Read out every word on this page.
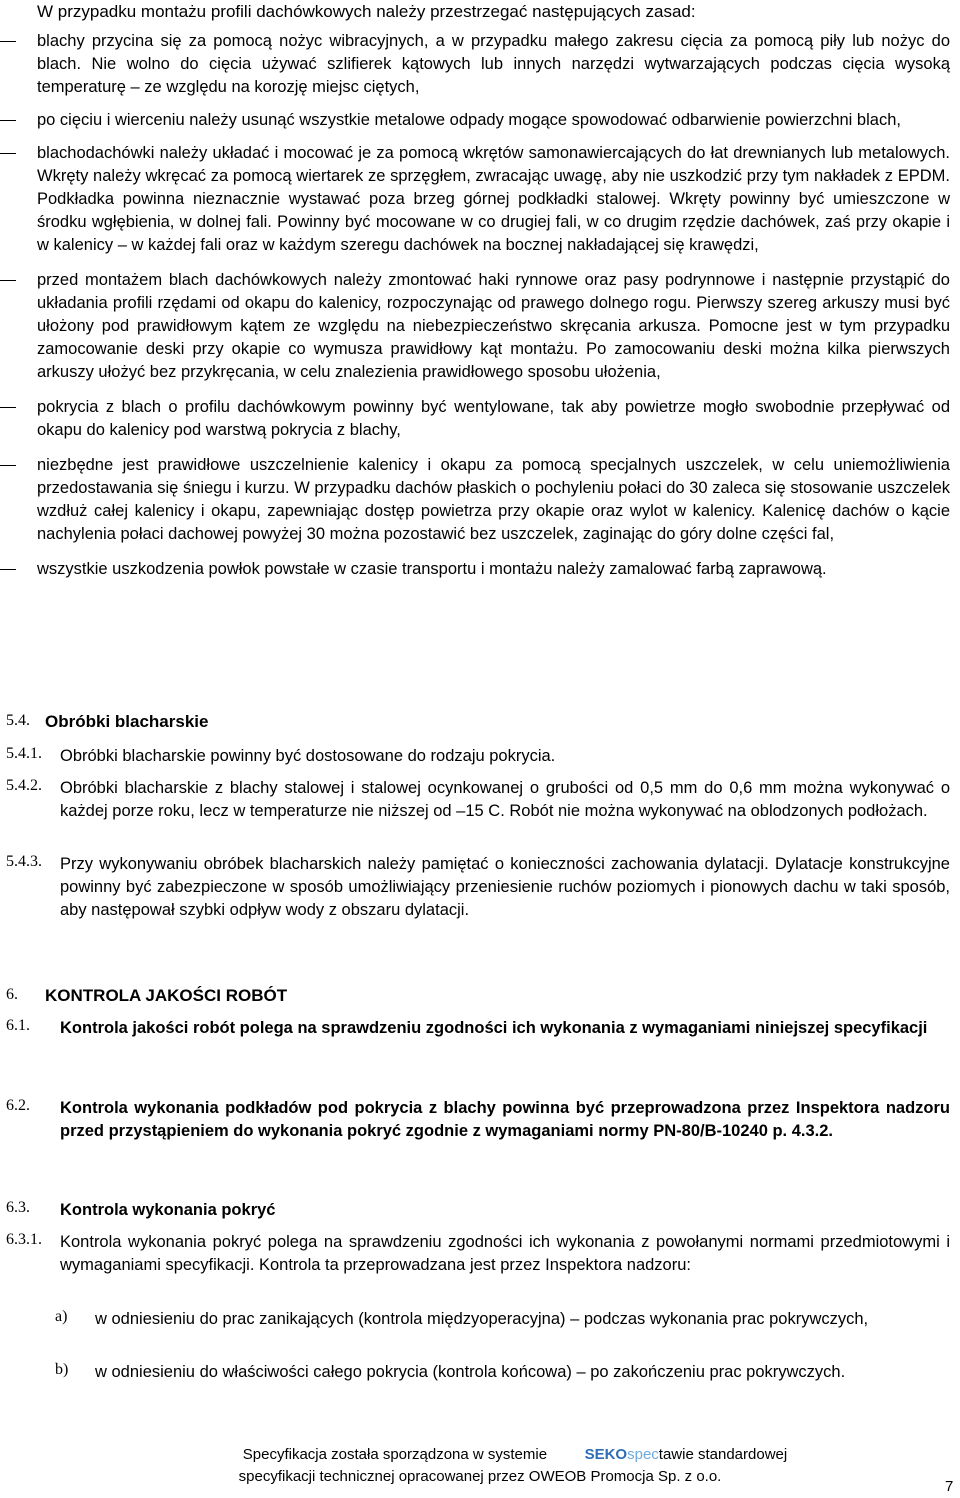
W przypadku montażu profili dachówkowych należy przestrzegać następujących zasad:
blachy przycina się za pomocą nożyc wibracyjnych, a w przypadku małego zakresu cięcia za pomocą piły lub nożyc do blach. Nie wolno do cięcia używać szlifierek kątowych lub innych narzędzi wytwarzających podczas cięcia wysoką temperaturę – ze względu na korozję miejsc ciętych,
po cięciu i wierceniu należy usunąć wszystkie metalowe odpady mogące spowodować odbarwienie powierzchni blach,
blachodachówki należy układać i mocować je za pomocą wkrętów samonawiercających do łat drewnianych lub metalowych. Wkręty należy wkręcać za pomocą wiertarek ze sprzęgłem, zwracając uwagę, aby nie uszkodzić przy tym nakładek z EPDM. Podkładka powinna nieznacznie wystawać poza brzeg górnej podkładki stalowej. Wkręty powinny być umieszczone w środku wgłębienia, w dolnej fali. Powinny być mocowane w co drugiej fali, w co drugim rzędzie dachówek, zaś przy okapie i w kalenicy – w każdej fali oraz w każdym szeregu dachówek na bocznej nakładającej się krawędzi,
przed montażem blach dachówkowych należy zmontować haki rynnowe oraz pasy podrynnowe i następnie przystąpić do układania profili rzędami od okapu do kalenicy, rozpoczynając od prawego dolnego rogu. Pierwszy szereg arkuszy musi być ułożony pod prawidłowym kątem ze względu na niebezpieczeństwo skręcania arkusza. Pomocne jest w tym przypadku zamocowanie deski przy okapie co wymusza prawidłowy kąt montażu. Po zamocowaniu deski można kilka pierwszych arkuszy ułożyć bez przykręcania, w celu znalezienia prawidłowego sposobu ułożenia,
pokrycia z blach o profilu dachówkowym powinny być wentylowane, tak aby powietrze mogło swobodnie przepływać od okapu do kalenicy pod warstwą pokrycia z blachy,
niezbędne jest prawidłowe uszczelnienie kalenicy i okapu za pomocą specjalnych uszczelek, w celu uniemożliwienia przedostawania się śniegu i kurzu. W przypadku dachów płaskich o pochyleniu połaci do 30 zaleca się stosowanie uszczelek wzdłuż całej kalenicy i okapu, zapewniając dostęp powietrza przy okapie oraz wylot w kalenicy. Kalenicę dachów o kącie nachylenia połaci dachowej powyżej 30 można pozostawić bez uszczelek, zaginając do góry dolne części fal,
wszystkie uszkodzenia powłok powstałe w czasie transportu i montażu należy zamalować farbą zaprawową.
5.4. Obróbki blacharskie
5.4.1. Obróbki blacharskie powinny być dostosowane do rodzaju pokrycia.
5.4.2. Obróbki blacharskie z blachy stalowej i stalowej ocynkowanej o grubości od 0,5 mm do 0,6 mm można wykonywać o każdej porze roku, lecz w temperaturze nie niższej od –15 C. Robót nie można wykonywać na oblodzonych podłożach.
5.4.3. Przy wykonywaniu obróbek blacharskich należy pamiętać o konieczności zachowania dylatacji. Dylatacje konstrukcyjne powinny być zabezpieczone w sposób umożliwiający przeniesienie ruchów poziomych i pionowych dachu w taki sposób, aby następował szybki odpływ wody z obszaru dylatacji.
6. KONTROLA JAKOŚCI ROBÓT
6.1. Kontrola jakości robót polega na sprawdzeniu zgodności ich wykonania z wymaganiami niniejszej specyfikacji
6.2. Kontrola wykonania podkładów pod pokrycia z blachy powinna być przeprowadzona przez Inspektora nadzoru przed przystąpieniem do wykonania pokryć zgodnie z wymaganiami normy PN-80/B-10240 p. 4.3.2.
6.3. Kontrola wykonania pokryć
6.3.1. Kontrola wykonania pokryć polega na sprawdzeniu zgodności ich wykonania z powołanymi normami przedmiotowymi i wymaganiami specyfikacji. Kontrola ta przeprowadzana jest przez Inspektora nadzoru:
a) w odniesieniu do prac zanikających (kontrola międzyoperacyjna) – podczas wykonania prac pokrywczych,
b) w odniesieniu do właściwości całego pokrycia (kontrola końcowa) – po zakończeniu prac pokrywczych.
Specyfikacja została sporządzona w systemie	SEKOspectawie standardowej
specyfikacji technicznej opracowanej przez OWEOB Promocja Sp. z o.o.
7
